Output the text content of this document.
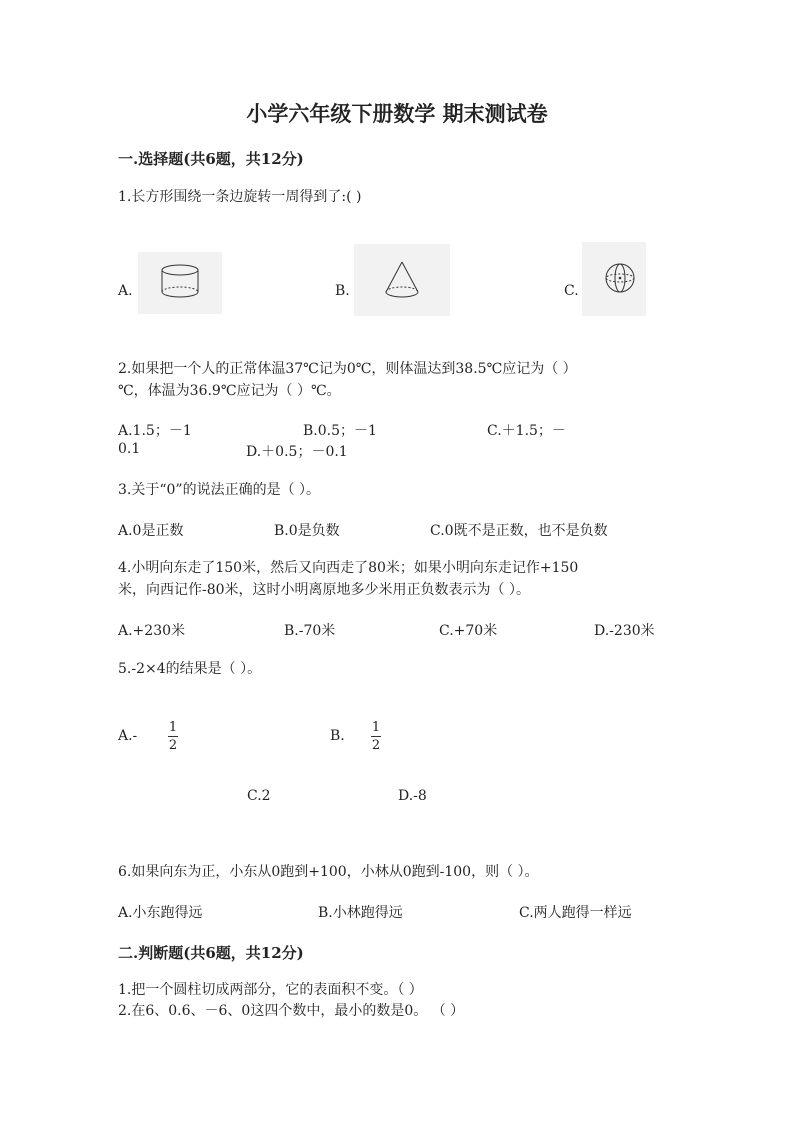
小学六年级下册数学 期末测试卷
一.选择题(共6题，共12分)
1.长方形围绕一条边旋转一周得到了:( )
A.	B.	C.
2.如果把一个人的正常体温37℃记为0℃，则体温达到38.5℃应记为（ ）
℃，体温为36.9℃应记为（ ）℃。
A.1.5；－1	B.0.5；－1	C.＋1.5；－
0.1	D.＋0.5；－0.1
3.关于“0”的说法正确的是（ ）。
A.0是正数	B.0是负数	C.0既不是正数，也不是负数
4.小明向东走了150米，然后又向西走了80米；如果小明向东走记作+150
米，向西记作-80米，这时小明离原地多少米用正负数表示为（ ）。
A.+230米	B.-70米	C.+70米	D.-230米
5.-2×4的结果是（ ）。
A.-
1
2
B.
1
2
C.2	D.-8
6.如果向东为正，小东从0跑到+100，小林从0跑到-100，则（ ）。
A.小东跑得远	B.小林跑得远	C.两人跑得一样远
二.判断题(共6题，共12分)
1.把一个圆柱切成两部分，它的表面积不变。（ ）
2.在6、0.6、－6、0这四个数中，最小的数是0。 （ ）
